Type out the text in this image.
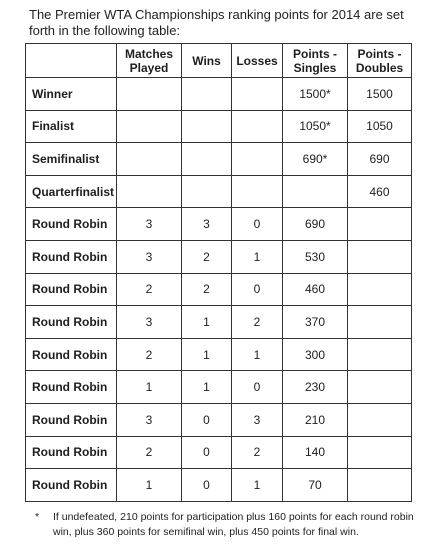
The Premier WTA Championships ranking points for 2014 are set forth in the following table:
	Matches Played	Wins	Losses	Points - Singles	Points - Doubles
Winner				1500*	1500
Finalist				1050*	1050
Semifinalist				690*	690
Quarterfinalist					460
Round Robin	3	3	0	690	
Round Robin	3	2	1	530	
Round Robin	2	2	0	460	
Round Robin	3	1	2	370	
Round Robin	2	1	1	300	
Round Robin	1	1	0	230	
Round Robin	3	0	3	210	
Round Robin	2	0	2	140	
Round Robin	1	0	1	70	
*	If undefeated, 210 points for participation plus 160 points for each round robin win, plus 360 points for semifinal win, plus 450 points for final win.
